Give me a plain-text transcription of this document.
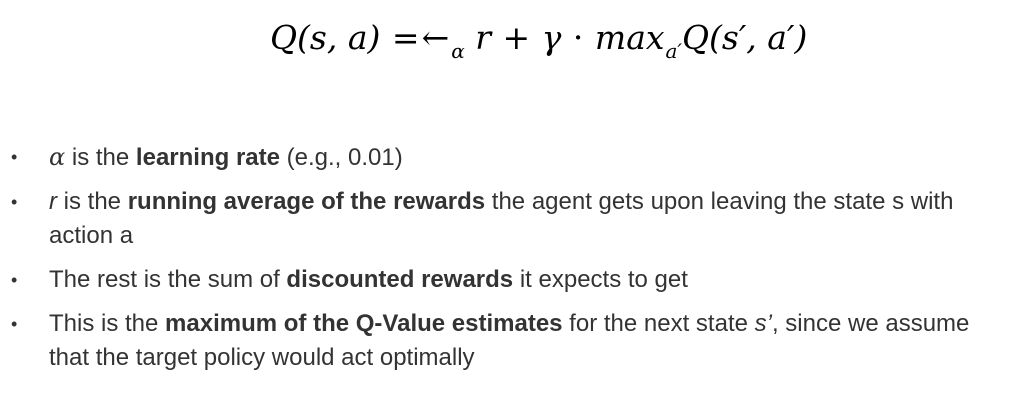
Q(s, a) =← $_\alpha$ $r + \gamma \cdot \max_{a'}Q(s'$, a′)
• α is the learning rate (e.g., 0.01)
• r is the running average of the rewards the agent gets upon leaving the state s with action a
• The rest is the sum of discounted rewards it expects to get
• This is the maximum of the Q-Value estimates for the next state s’, since we assume that the target policy would act optimally
